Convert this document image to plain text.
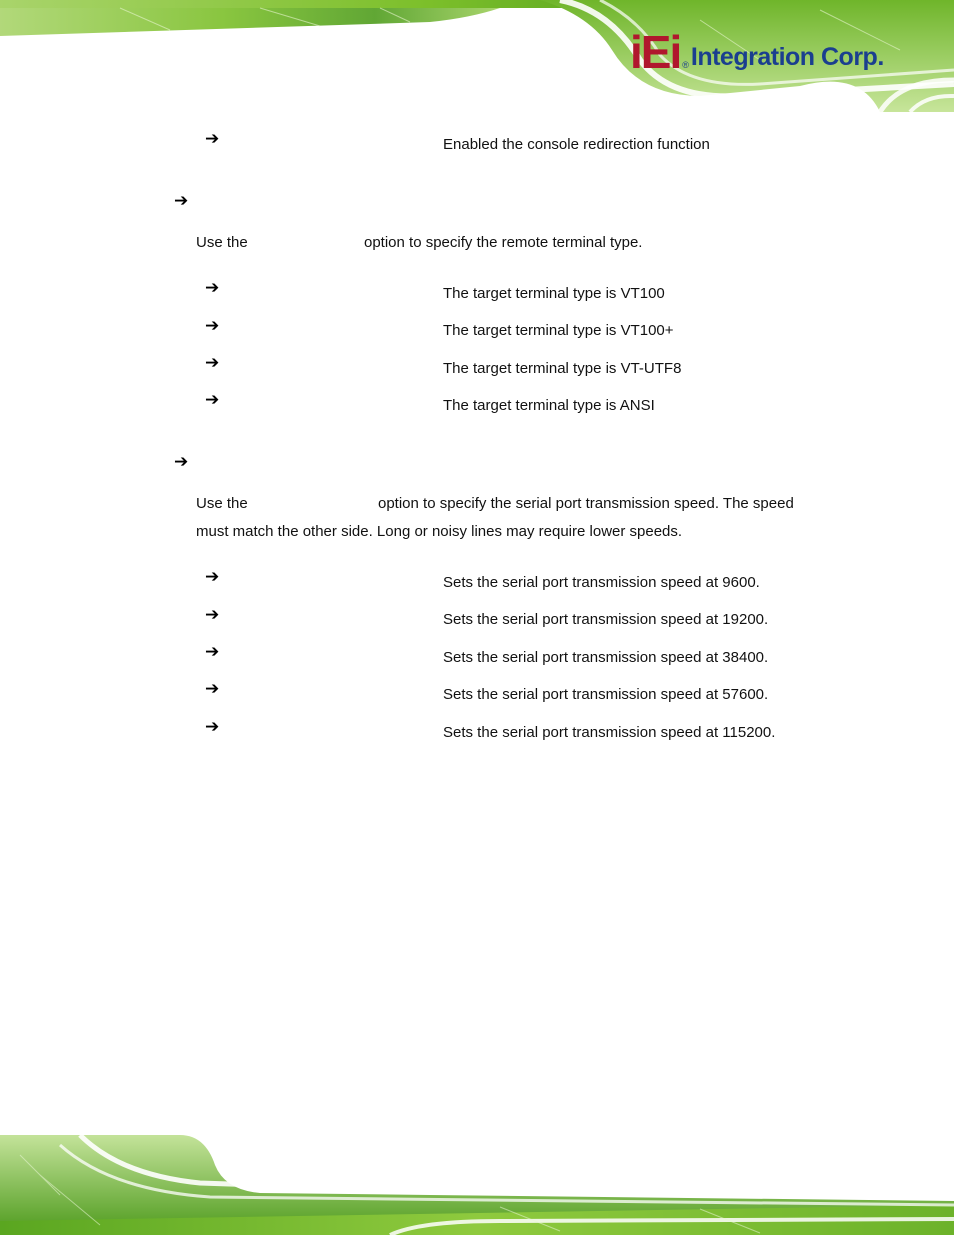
iEi ® Integration Corp.
➔	Enabled the console redirection function
➔
Use the	option to specify the remote terminal type.
➔	The target terminal type is VT100
➔	The target terminal type is VT100+
➔	The target terminal type is VT-UTF8
➔	The target terminal type is ANSI
➔
Use the	option to specify the serial port transmission speed. The speed
must match the other side. Long or noisy lines may require lower speeds.
➔	Sets the serial port transmission speed at 9600.
➔	Sets the serial port transmission speed at 19200.
➔	Sets the serial port transmission speed at 38400.
➔	Sets the serial port transmission speed at 57600.
➔	Sets the serial port transmission speed at 115200.
